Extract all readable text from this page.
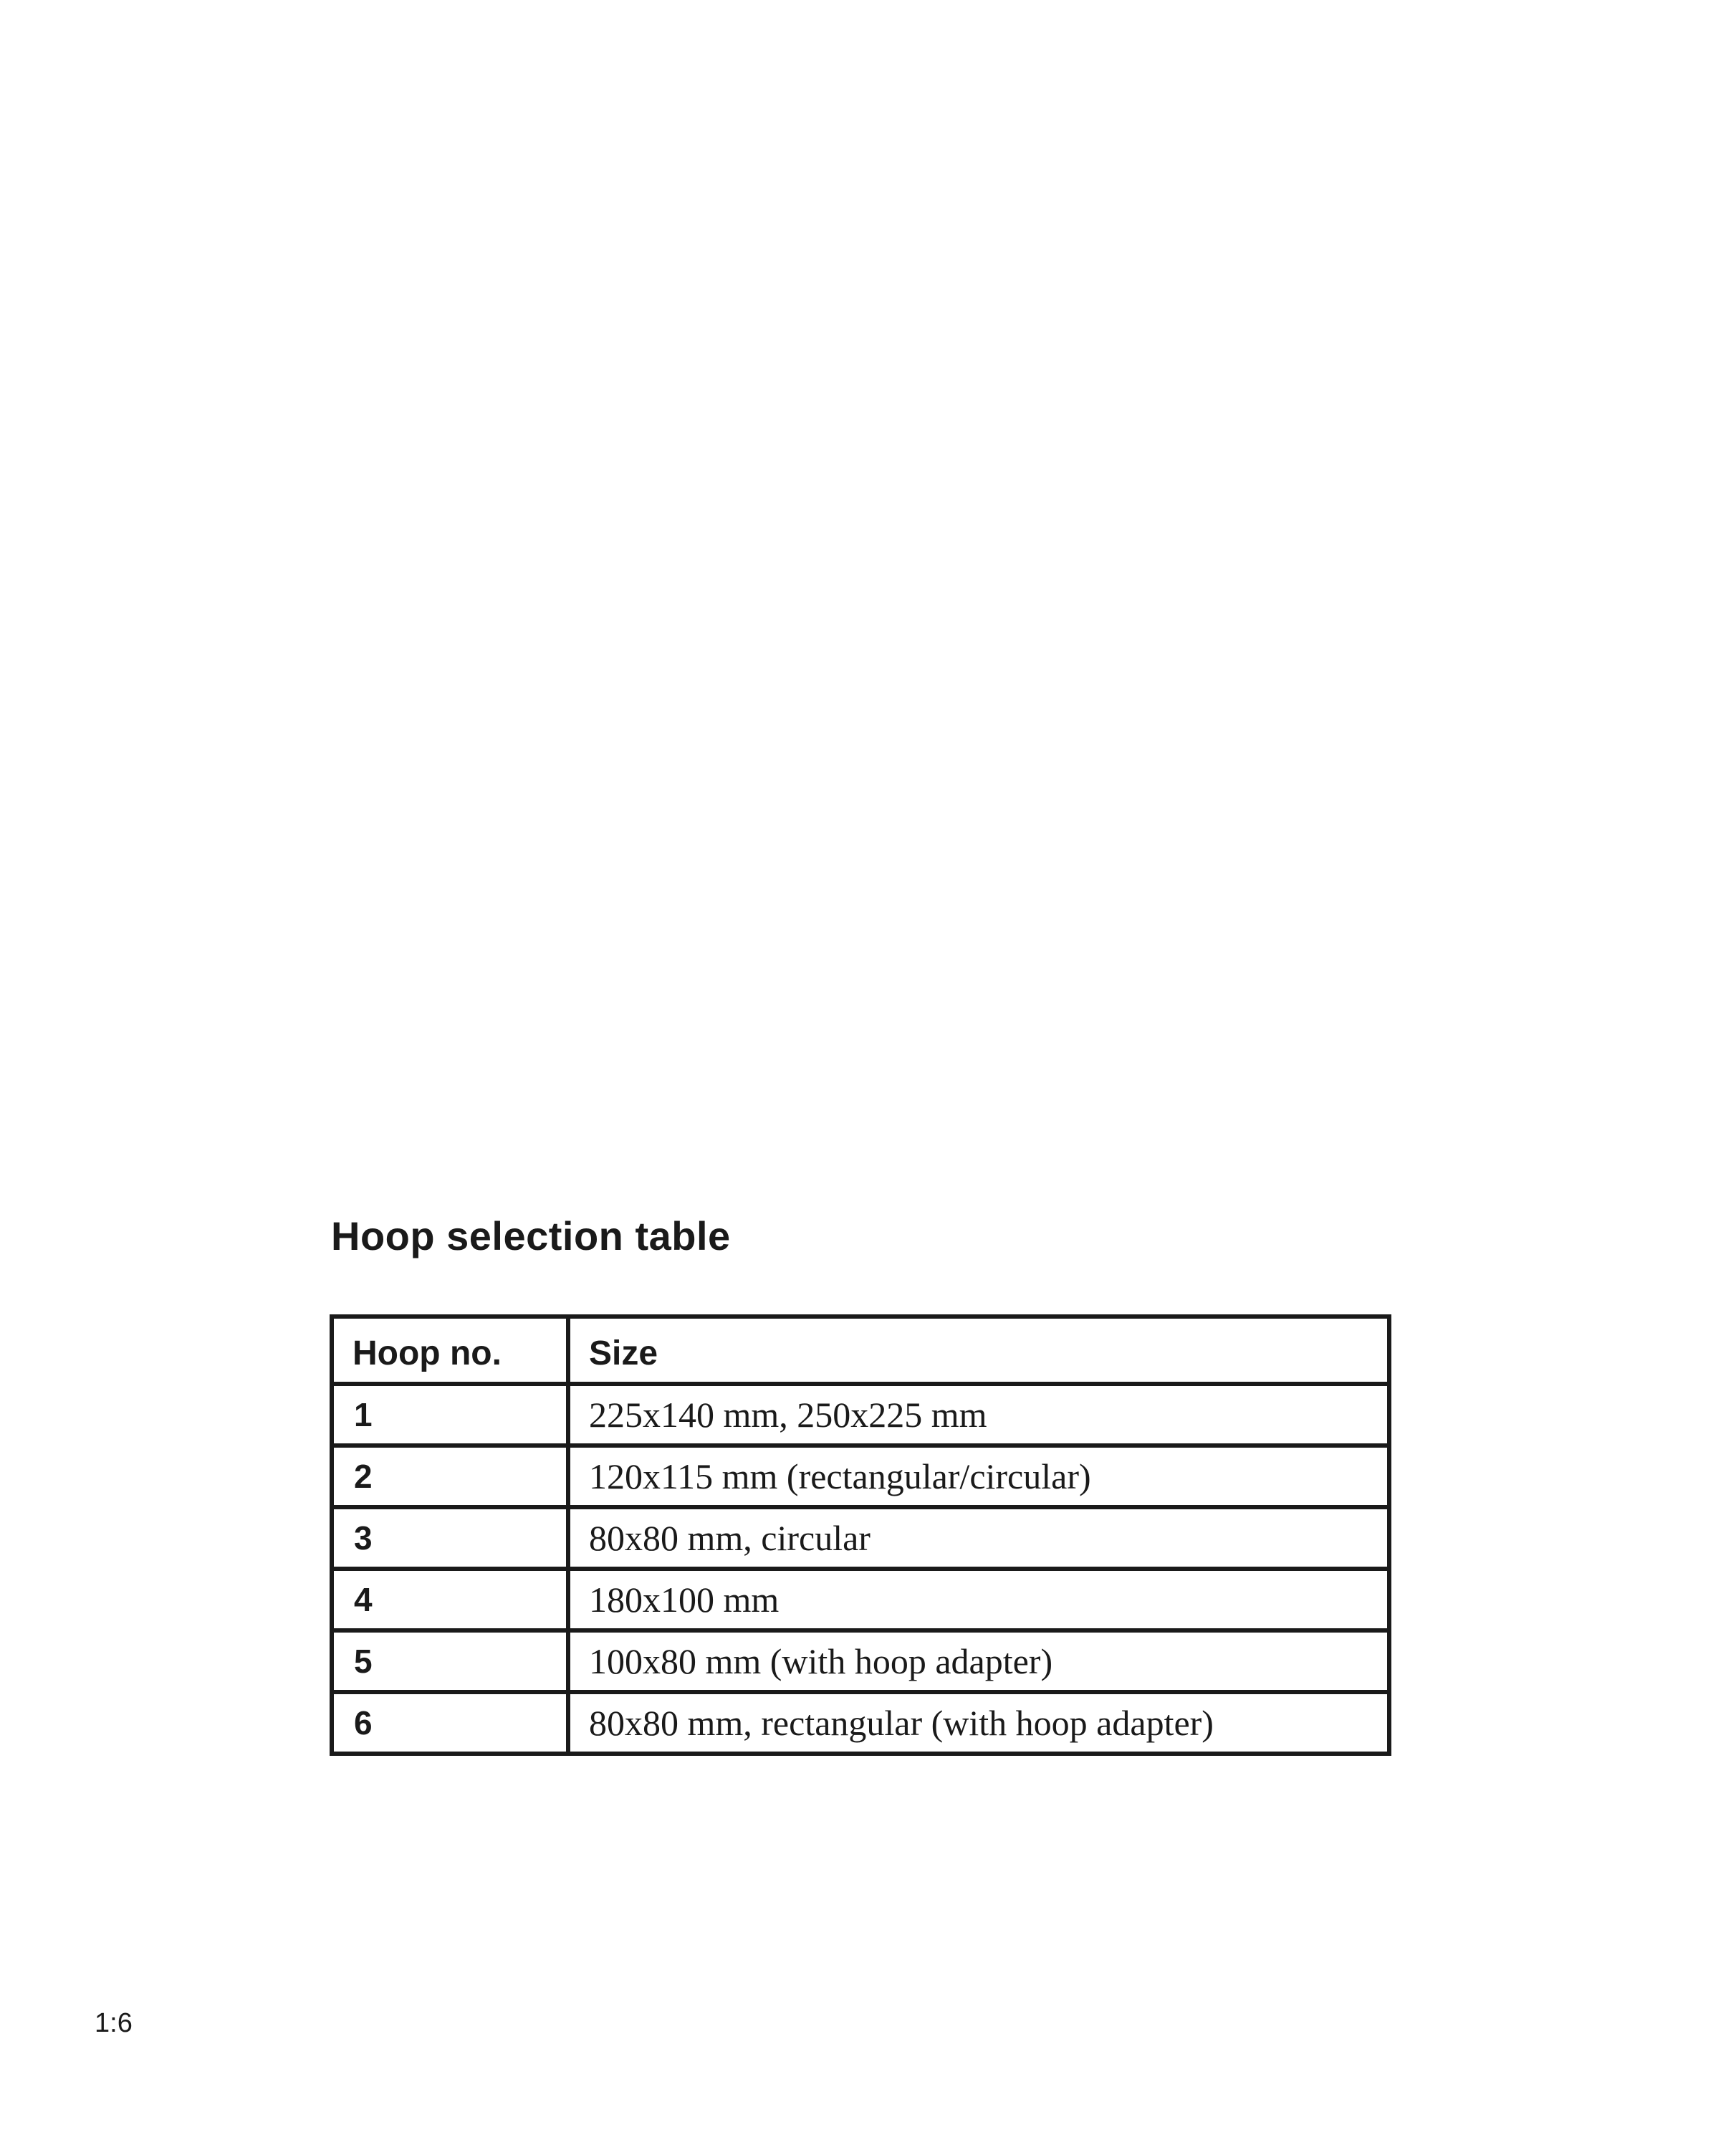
Hoop selection table
Hoop no.	Size
1	225x140 mm, 250x225 mm
2	120x115 mm (rectangular/circular)
3	80x80 mm, circular
4	180x100 mm
5	100x80 mm (with hoop adapter)
6	80x80 mm, rectangular (with hoop adapter)
1:6
